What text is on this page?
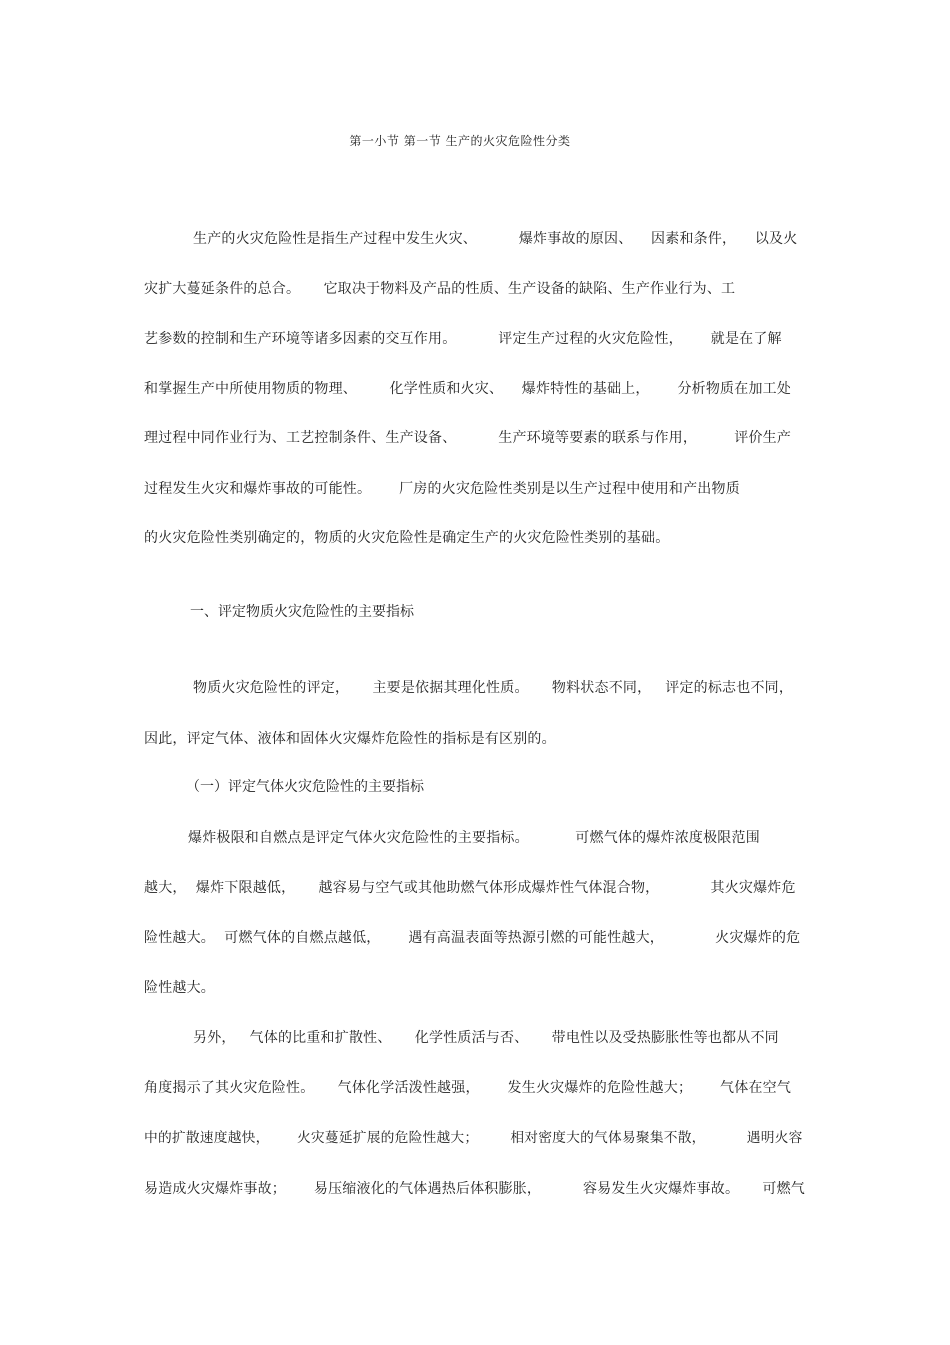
第一小节 第一节 生产的火灾危险性分类
生产的火灾危险性是指生产过程中发生火灾、         爆炸事故的原因、    因素和条件，    以及火
灾扩大蔓延条件的总合。     它取决于物料及产品的性质、生产设备的缺陷、生产作业行为、工
艺参数的控制和生产环境等诸多因素的交互作用。         评定生产过程的火灾危险性，      就是在了解
和掌握生产中所使用物质的物理、       化学性质和火灾、    爆炸特性的基础上，      分析物质在加工处
理过程中同作业行为、工艺控制条件、生产设备、         生产环境等要素的联系与作用，        评价生产
过程发生火灾和爆炸事故的可能性。      厂房的火灾危险性类别是以生产过程中使用和产出物质
的火灾危险性类别确定的，物质的火灾危险性是确定生产的火灾危险性类别的基础。
一、评定物质火灾危险性的主要指标
物质火灾危险性的评定，     主要是依据其理化性质。     物料状态不同，   评定的标志也不同，
因此，评定气体、液体和固体火灾爆炸危险性的指标是有区别的。
（一）评定气体火灾危险性的主要指标
爆炸极限和自燃点是评定气体火灾危险性的主要指标。          可燃气体的爆炸浓度极限范围
越大，  爆炸下限越低，     越容易与空气或其他助燃气体形成爆炸性气体混合物，           其火灾爆炸危
险性越大。  可燃气体的自燃点越低，      遇有高温表面等热源引燃的可能性越大，           火灾爆炸的危
险性越大。
另外，   气体的比重和扩散性、     化学性质活与否、     带电性以及受热膨胀性等也都从不同
角度揭示了其火灾危险性。     气体化学活泼性越强，      发生火灾爆炸的危险性越大；      气体在空气
中的扩散速度越快，      火灾蔓延扩展的危险性越大；       相对密度大的气体易聚集不散，         遇明火容
易造成火灾爆炸事故；      易压缩液化的气体遇热后体积膨胀，         容易发生火灾爆炸事故。     可燃气
